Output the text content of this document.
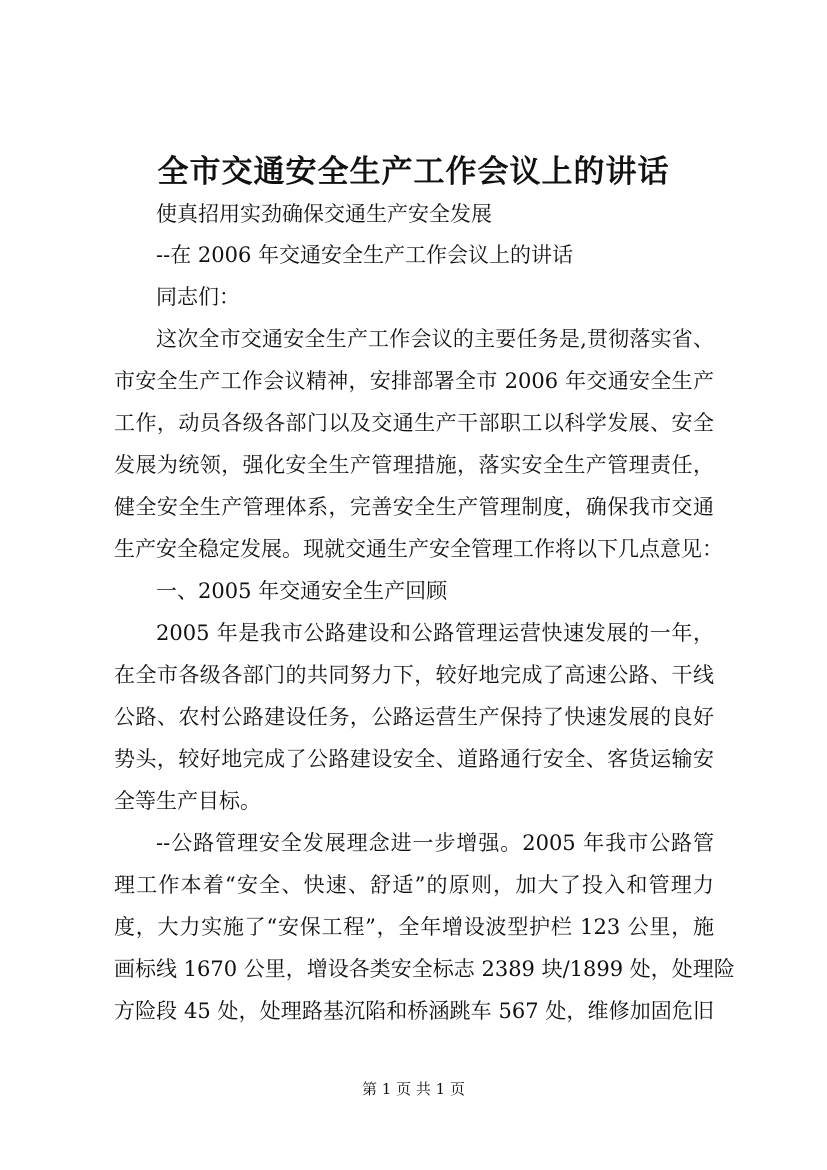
全市交通安全生产工作会议上的讲话
使真招用实劲确保交通生产安全发展
--在 2006 年交通安全生产工作会议上的讲话
同志们：
这次全市交通安全生产工作会议的主要任务是,贯彻落实省、
市安全生产工作会议精神，安排部署全市 2006 年交通安全生产
工作，动员各级各部门以及交通生产干部职工以科学发展、安全
发展为统领，强化安全生产管理措施，落实安全生产管理责任，
健全安全生产管理体系，完善安全生产管理制度，确保我市交通
生产安全稳定发展。现就交通生产安全管理工作将以下几点意见：
一、2005 年交通安全生产回顾
2005 年是我市公路建设和公路管理运营快速发展的一年，
在全市各级各部门的共同努力下，较好地完成了高速公路、干线
公路、农村公路建设任务，公路运营生产保持了快速发展的良好
势头，较好地完成了公路建设安全、道路通行安全、客货运输安
全等生产目标。
--公路管理安全发展理念进一步增强。2005 年我市公路管
理工作本着“安全、快速、舒适”的原则，加大了投入和管理力
度，大力实施了“安保工程”，全年增设波型护栏 123 公里，施
画标线 1670 公里，增设各类安全标志 2389 块/1899 处，处理险
方险段 45 处，处理路基沉陷和桥涵跳车 567 处，维修加固危旧
第 1 页 共 1 页
